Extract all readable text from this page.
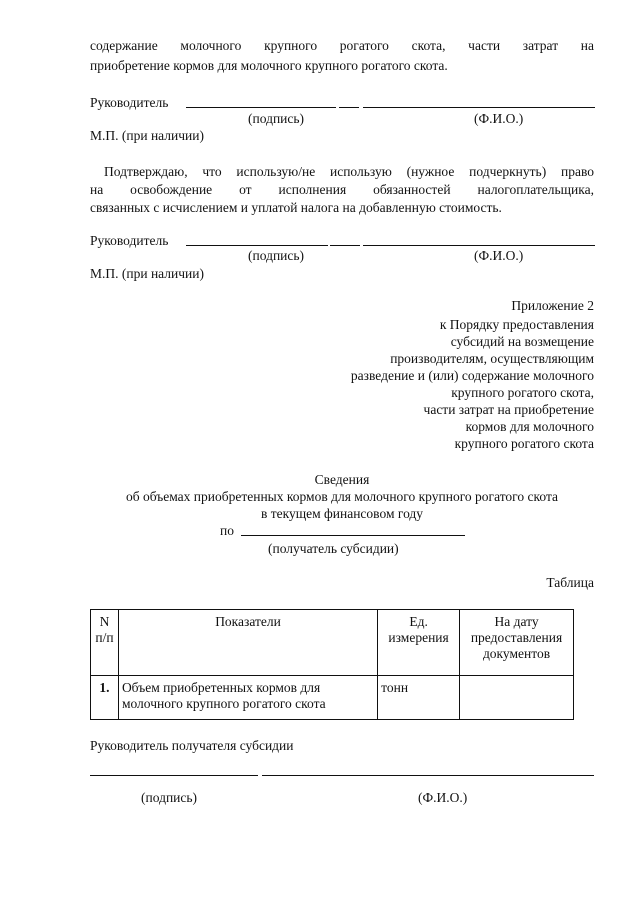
содержание молочного крупного рогатого скота, части затрат на
приобретение кормов для молочного крупного рогатого скота.
Руководитель
(подпись)	(Ф.И.О.)
М.П. (при наличии)
Подтверждаю, что использую/не использую (нужное подчеркнуть) право
на освобождение от исполнения обязанностей налогоплательщика,
связанных с исчислением и уплатой налога на добавленную стоимость.
Руководитель
(подпись)	(Ф.И.О.)
М.П. (при наличии)
Приложение 2
к Порядку предоставления
субсидий на возмещение
производителям, осуществляющим
разведение и (или) содержание молочного
крупного рогатого скота,
части затрат на приобретение
кормов для молочного
крупного рогатого скота
Сведения
об объемах приобретенных кормов для молочного крупного рогатого скота
в текущем финансовом году
по
(получатель субсидии)
Таблица
N п/п	Показатели	Ед. измерения	На дату предоставления документов
1.	Объем приобретенных кормов для молочного крупного рогатого скота	тонн	
Руководитель получателя субсидии
(подпись)	(Ф.И.О.)
